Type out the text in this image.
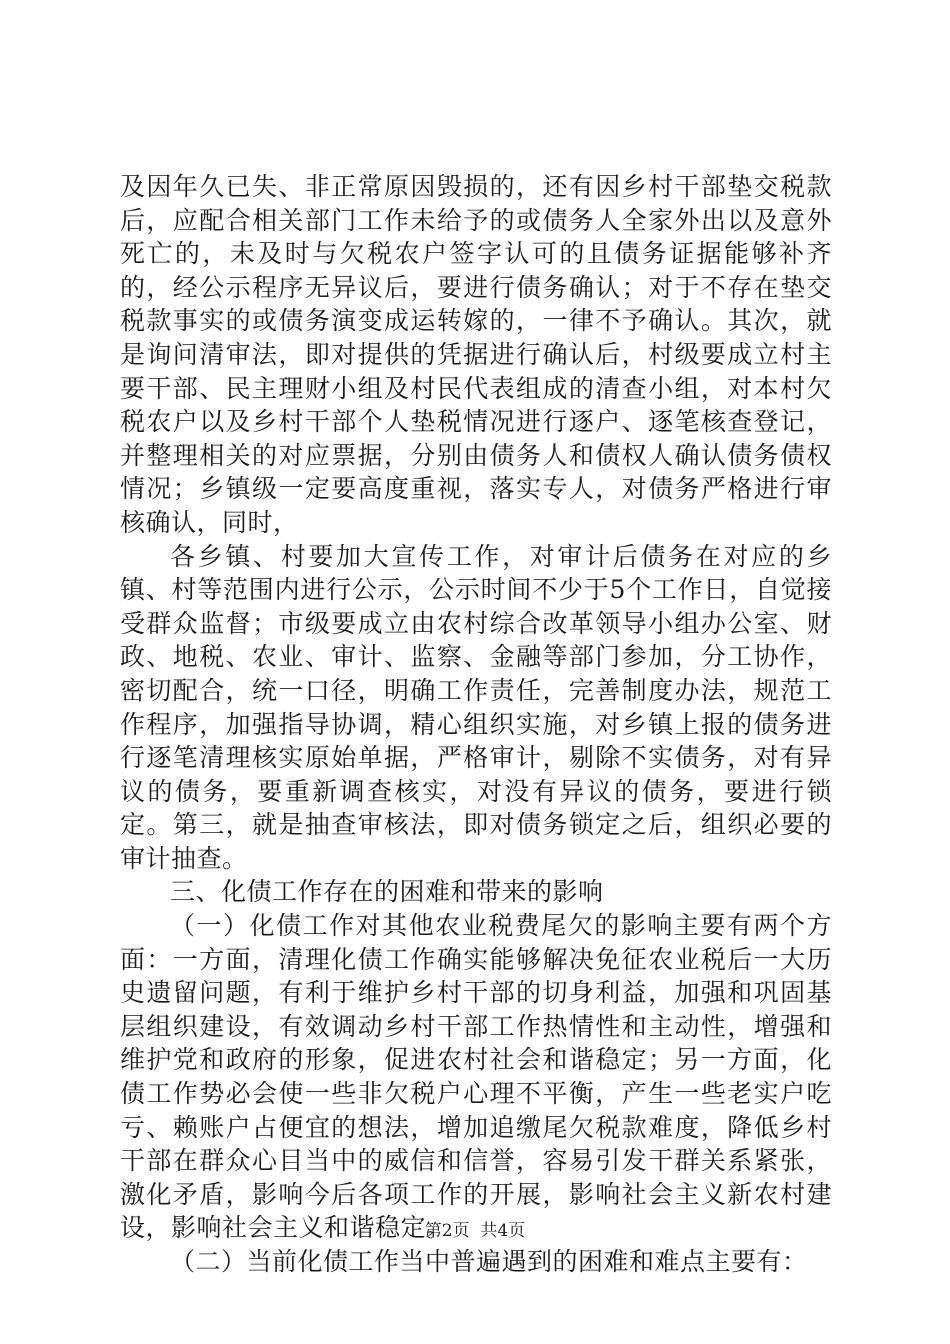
及因年久已失、非正常原因毁损的，还有因乡村干部垫交税款后，应配合相关部门工作未给予的或债务人全家外出以及意外死亡的，未及时与欠税农户签字认可的且债务证据能够补齐的，经公示程序无异议后，要进行债务确认；对于不存在垫交税款事实的或债务演变成运转嫁的，一律不予确认。其次，就是询问清审法，即对提供的凭据进行确认后，村级要成立村主要干部、民主理财小组及村民代表组成的清查小组，对本村欠税农户以及乡村干部个人垫税情况进行逐户、逐笔核查登记，并整理相关的对应票据，分别由债务人和债权人确认债务债权情况；乡镇级一定要高度重视，落实专人，对债务严格进行审核确认，同时，

各乡镇、村要加大宣传工作，对审计后债务在对应的乡镇、村等范围内进行公示，公示时间不少于5个工作日，自觉接受群众监督；市级要成立由农村综合改革领导小组办公室、财政、地税、农业、审计、监察、金融等部门参加，分工协作，密切配合，统一口径，明确工作责任，完善制度办法，规范工作程序，加强指导协调，精心组织实施，对乡镇上报的债务进行逐笔清理核实原始单据，严格审计，剔除不实债务，对有异议的债务，要重新调查核实，对没有异议的债务，要进行锁定。第三，就是抽查审核法，即对债务锁定之后，组织必要的审计抽查。

三、化债工作存在的困难和带来的影响

（一）化债工作对其他农业税费尾欠的影响主要有两个方面：一方面，清理化债工作确实能够解决免征农业税后一大历史遗留问题，有利于维护乡村干部的切身利益，加强和巩固基层组织建设，有效调动乡村干部工作热情性和主动性，增强和维护党和政府的形象，促进农村社会和谐稳定；另一方面，化债工作势必会使一些非欠税户心理不平衡，产生一些老实户吃亏、赖账户占便宜的想法，增加追缴尾欠税款难度，降低乡村干部在群众心目当中的威信和信誉，容易引发干群关系紧张，激化矛盾，影响今后各项工作的开展，影响社会主义新农村建设，影响社会主义和谐稳定。

（二）当前化债工作当中普遍遇到的困难和难点主要有：

第2页  共4页
